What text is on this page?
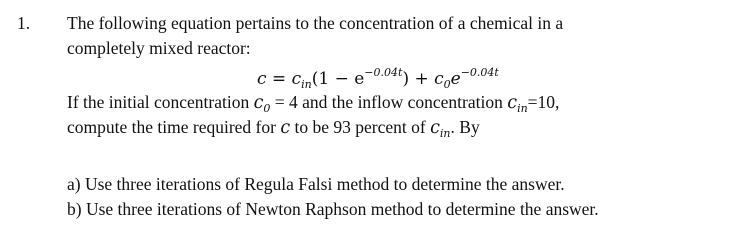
1. The following equation pertains to the concentration of a chemical in a
completely mixed reactor:
$c = c_{in}(1 - e^{-0.04t}) + c_0e^{-0.04t}$
If the initial concentration $c_0 = 4$ and the inflow concentration $c_{in}=10$,
compute the time required for c to be 93 percent of $c_{in}$. By
a) Use three iterations of Regula Falsi method to determine the answer.
b) Use three iterations of Newton Raphson method to determine the answer.
